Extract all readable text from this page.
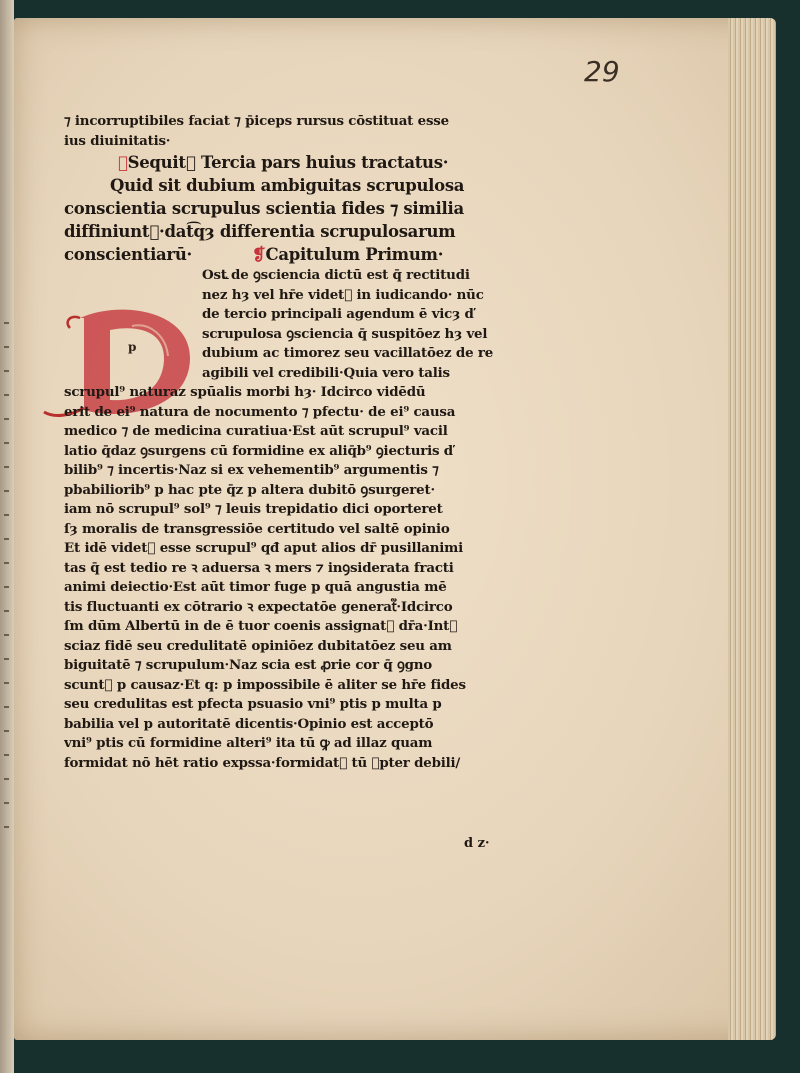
29
p
⁊ incorruptibiles faciat ⁊ p̄iceps rursus cōstituat esse
ius diuinitatis·
❡Sequit᷑ Tercia pars huius tractatus·
Quid sit dubium ambiguitas scrupulosa
conscientia scrupulus scientia fides ⁊ similia
diffiniunt᷑·dat͡qȝ differentia scrupulosarum
conscientiarū·	❡Capitulum Primum·
Ost꜡ de ꝯsciencia dictū est q̄ rectitudi
nez hȝ vel hr̄e videt᷑ in iudicando· nūc
de tercio principali agendum ē vicȝ ď
scrupulosa ꝯsciencia q̄ suspitōez hȝ vel
dubium ac timorez seu vacillatōez de re
agibili vel credibili·Quia vero talis
scrupul⁹ naturaz spūalis morbi hȝ· Idcirco vidēdū
erit de ei⁹ natura de nocumento ⁊ pfectu· de ei⁹ causa
medico ⁊ de medicina curatiua·Est aūt scrupul⁹ vacil
latio q̄daz ꝯsurgens cū formidine ex aliq̄b⁹ ꝯiecturis ď
bilib⁹ ⁊ incertis·Naz si ex vehementib⁹ argumentis ⁊
pbabiliorib⁹ p hac pte q̄z p altera dubitō ꝯsurgeret·
iam nō scrupul⁹ sol⁹ ⁊ leuis trepidatio dici oporteret
ſȝ moralis de transgressiōe certitudo vel saltē opinio
Et idē videt᷑ esse scrupul⁹ qđ aput alios dr̄ pusillanimi
tas q̄ est tedio re ꝛ aduersa ꝛ mers ⁊ inꝯsiderata fracti
animi deiectio·Est aūt timor fuge p quā angustia mē
tis fluctuanti ex cōtrario ꝛ expectatōe generat᷑·Idcirco
ſm dūm Albertū in de ē tuor coenis assignat᷑ dr̄a·Int᷑
sciaz fidē seu credulitatē opiniōez dubitatōez seu am
biguitatē ⁊ scrupulum·Naz scia est ꝓrie cor q̄ ꝯgno
scunt᷑ p causaz·Et q: p impossibile ē aliter se hr̄e fides
seu credulitas est pfecta psuasio vni⁹ ptis p multa p
babilia vel p autoritatē dicentis·Opinio est acceptō
vni⁹ ptis cū formidine alteri⁹ ita tū ꝙ ad illaz quam
formidat nō hēt ratio expssa·formidat᷑ tū ꝓpter debili/
d z·
